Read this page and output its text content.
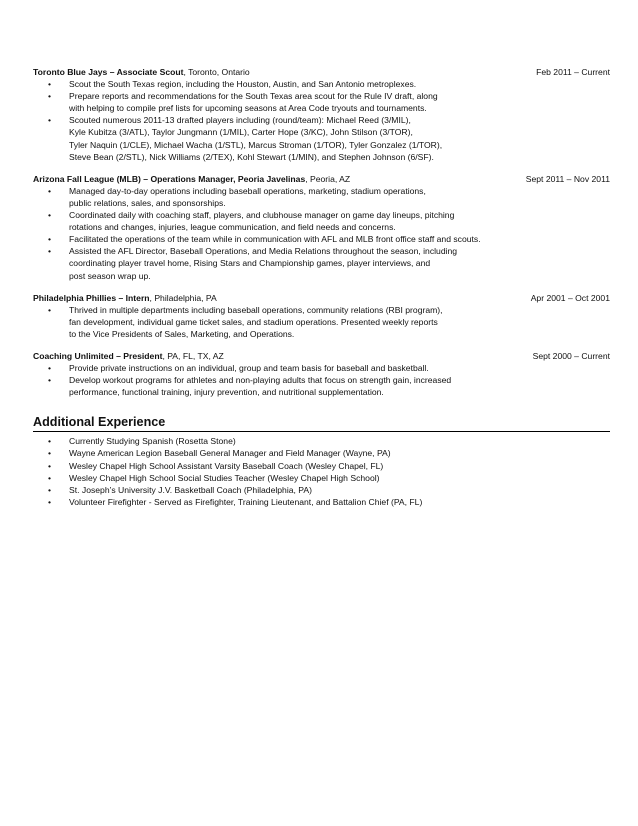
Toronto Blue Jays – Associate Scout, Toronto, Ontario	Feb 2011 – Current
• Scout the South Texas region, including the Houston, Austin, and San Antonio metroplexes.
• Prepare reports and recommendations for the South Texas area scout for the Rule IV draft, along
with helping to compile pref lists for upcoming seasons at Area Code tryouts and tournaments.
• Scouted numerous 2011-13 drafted players including (round/team): Michael Reed (3/MIL),
Kyle Kubitza (3/ATL), Taylor Jungmann (1/MIL), Carter Hope (3/KC), John Stilson (3/TOR),
Tyler Naquin (1/CLE), Michael Wacha (1/STL), Marcus Stroman (1/TOR), Tyler Gonzalez (1/TOR),
Steve Bean (2/STL), Nick Williams (2/TEX), Kohl Stewart (1/MIN), and Stephen Johnson (6/SF).
Arizona Fall League (MLB) – Operations Manager, Peoria Javelinas, Peoria, AZ	Sept 2011 – Nov 2011
• Managed day-to-day operations including baseball operations, marketing, stadium operations,
public relations, sales, and sponsorships.
• Coordinated daily with coaching staff, players, and clubhouse manager on game day lineups, pitching
rotations and changes, injuries, league communication, and field needs and concerns.
• Facilitated the operations of the team while in communication with AFL and MLB front office staff and scouts.
• Assisted the AFL Director, Baseball Operations, and Media Relations throughout the season, including
coordinating player travel home, Rising Stars and Championship games, player interviews, and
post season wrap up.
Philadelphia Phillies – Intern, Philadelphia, PA	Apr 2001 – Oct 2001
• Thrived in multiple departments including baseball operations, community relations (RBI program),
fan development, individual game ticket sales, and stadium operations. Presented weekly reports
to the Vice Presidents of Sales, Marketing, and Operations.
Coaching Unlimited – President, PA, FL, TX, AZ	Sept 2000 – Current
• Provide private instructions on an individual, group and team basis for baseball and basketball.
• Develop workout programs for athletes and non-playing adults that focus on strength gain, increased
performance, functional training, injury prevention, and nutritional supplementation.
Additional Experience
• Currently Studying Spanish (Rosetta Stone)
• Wayne American Legion Baseball General Manager and Field Manager (Wayne, PA)
• Wesley Chapel High School Assistant Varsity Baseball Coach (Wesley Chapel, FL)
• Wesley Chapel High School Social Studies Teacher (Wesley Chapel High School)
• St. Joseph’s University J.V. Basketball Coach (Philadelphia, PA)
• Volunteer Firefighter - Served as Firefighter, Training Lieutenant, and Battalion Chief (PA, FL)
